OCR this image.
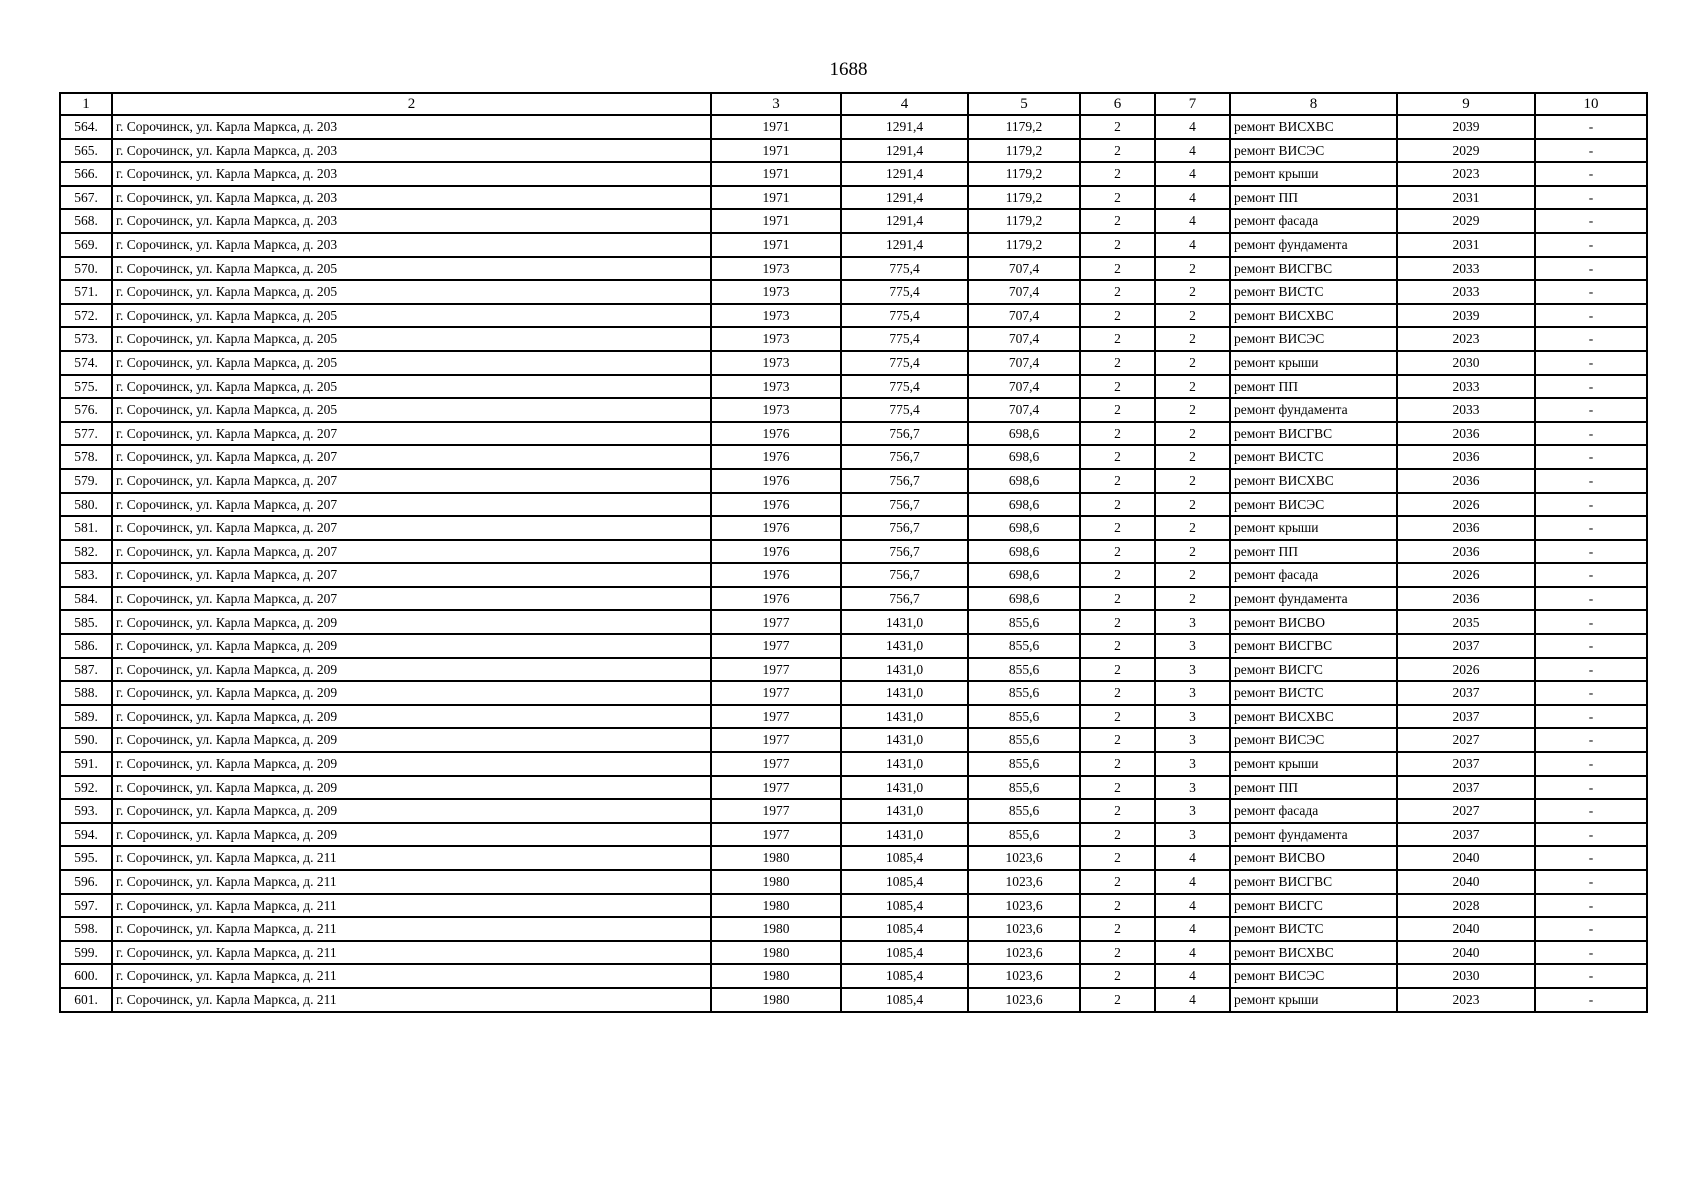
1688
1	2	3	4	5	6	7	8	9	10
564.	г. Сорочинск, ул. Карла Маркса, д. 203	1971	1291,4	1179,2	2	4	ремонт ВИСХВС	2039	-
565.	г. Сорочинск, ул. Карла Маркса, д. 203	1971	1291,4	1179,2	2	4	ремонт ВИСЭС	2029	-
566.	г. Сорочинск, ул. Карла Маркса, д. 203	1971	1291,4	1179,2	2	4	ремонт крыши	2023	-
567.	г. Сорочинск, ул. Карла Маркса, д. 203	1971	1291,4	1179,2	2	4	ремонт ПП	2031	-
568.	г. Сорочинск, ул. Карла Маркса, д. 203	1971	1291,4	1179,2	2	4	ремонт фасада	2029	-
569.	г. Сорочинск, ул. Карла Маркса, д. 203	1971	1291,4	1179,2	2	4	ремонт фундамента	2031	-
570.	г. Сорочинск, ул. Карла Маркса, д. 205	1973	775,4	707,4	2	2	ремонт ВИСГВС	2033	-
571.	г. Сорочинск, ул. Карла Маркса, д. 205	1973	775,4	707,4	2	2	ремонт ВИСТС	2033	-
572.	г. Сорочинск, ул. Карла Маркса, д. 205	1973	775,4	707,4	2	2	ремонт ВИСХВС	2039	-
573.	г. Сорочинск, ул. Карла Маркса, д. 205	1973	775,4	707,4	2	2	ремонт ВИСЭС	2023	-
574.	г. Сорочинск, ул. Карла Маркса, д. 205	1973	775,4	707,4	2	2	ремонт крыши	2030	-
575.	г. Сорочинск, ул. Карла Маркса, д. 205	1973	775,4	707,4	2	2	ремонт ПП	2033	-
576.	г. Сорочинск, ул. Карла Маркса, д. 205	1973	775,4	707,4	2	2	ремонт фундамента	2033	-
577.	г. Сорочинск, ул. Карла Маркса, д. 207	1976	756,7	698,6	2	2	ремонт ВИСГВС	2036	-
578.	г. Сорочинск, ул. Карла Маркса, д. 207	1976	756,7	698,6	2	2	ремонт ВИСТС	2036	-
579.	г. Сорочинск, ул. Карла Маркса, д. 207	1976	756,7	698,6	2	2	ремонт ВИСХВС	2036	-
580.	г. Сорочинск, ул. Карла Маркса, д. 207	1976	756,7	698,6	2	2	ремонт ВИСЭС	2026	-
581.	г. Сорочинск, ул. Карла Маркса, д. 207	1976	756,7	698,6	2	2	ремонт крыши	2036	-
582.	г. Сорочинск, ул. Карла Маркса, д. 207	1976	756,7	698,6	2	2	ремонт ПП	2036	-
583.	г. Сорочинск, ул. Карла Маркса, д. 207	1976	756,7	698,6	2	2	ремонт фасада	2026	-
584.	г. Сорочинск, ул. Карла Маркса, д. 207	1976	756,7	698,6	2	2	ремонт фундамента	2036	-
585.	г. Сорочинск, ул. Карла Маркса, д. 209	1977	1431,0	855,6	2	3	ремонт ВИСВО	2035	-
586.	г. Сорочинск, ул. Карла Маркса, д. 209	1977	1431,0	855,6	2	3	ремонт ВИСГВС	2037	-
587.	г. Сорочинск, ул. Карла Маркса, д. 209	1977	1431,0	855,6	2	3	ремонт ВИСГС	2026	-
588.	г. Сорочинск, ул. Карла Маркса, д. 209	1977	1431,0	855,6	2	3	ремонт ВИСТС	2037	-
589.	г. Сорочинск, ул. Карла Маркса, д. 209	1977	1431,0	855,6	2	3	ремонт ВИСХВС	2037	-
590.	г. Сорочинск, ул. Карла Маркса, д. 209	1977	1431,0	855,6	2	3	ремонт ВИСЭС	2027	-
591.	г. Сорочинск, ул. Карла Маркса, д. 209	1977	1431,0	855,6	2	3	ремонт крыши	2037	-
592.	г. Сорочинск, ул. Карла Маркса, д. 209	1977	1431,0	855,6	2	3	ремонт ПП	2037	-
593.	г. Сорочинск, ул. Карла Маркса, д. 209	1977	1431,0	855,6	2	3	ремонт фасада	2027	-
594.	г. Сорочинск, ул. Карла Маркса, д. 209	1977	1431,0	855,6	2	3	ремонт фундамента	2037	-
595.	г. Сорочинск, ул. Карла Маркса, д. 211	1980	1085,4	1023,6	2	4	ремонт ВИСВО	2040	-
596.	г. Сорочинск, ул. Карла Маркса, д. 211	1980	1085,4	1023,6	2	4	ремонт ВИСГВС	2040	-
597.	г. Сорочинск, ул. Карла Маркса, д. 211	1980	1085,4	1023,6	2	4	ремонт ВИСГС	2028	-
598.	г. Сорочинск, ул. Карла Маркса, д. 211	1980	1085,4	1023,6	2	4	ремонт ВИСТС	2040	-
599.	г. Сорочинск, ул. Карла Маркса, д. 211	1980	1085,4	1023,6	2	4	ремонт ВИСХВС	2040	-
600.	г. Сорочинск, ул. Карла Маркса, д. 211	1980	1085,4	1023,6	2	4	ремонт ВИСЭС	2030	-
601.	г. Сорочинск, ул. Карла Маркса, д. 211	1980	1085,4	1023,6	2	4	ремонт крыши	2023	-
